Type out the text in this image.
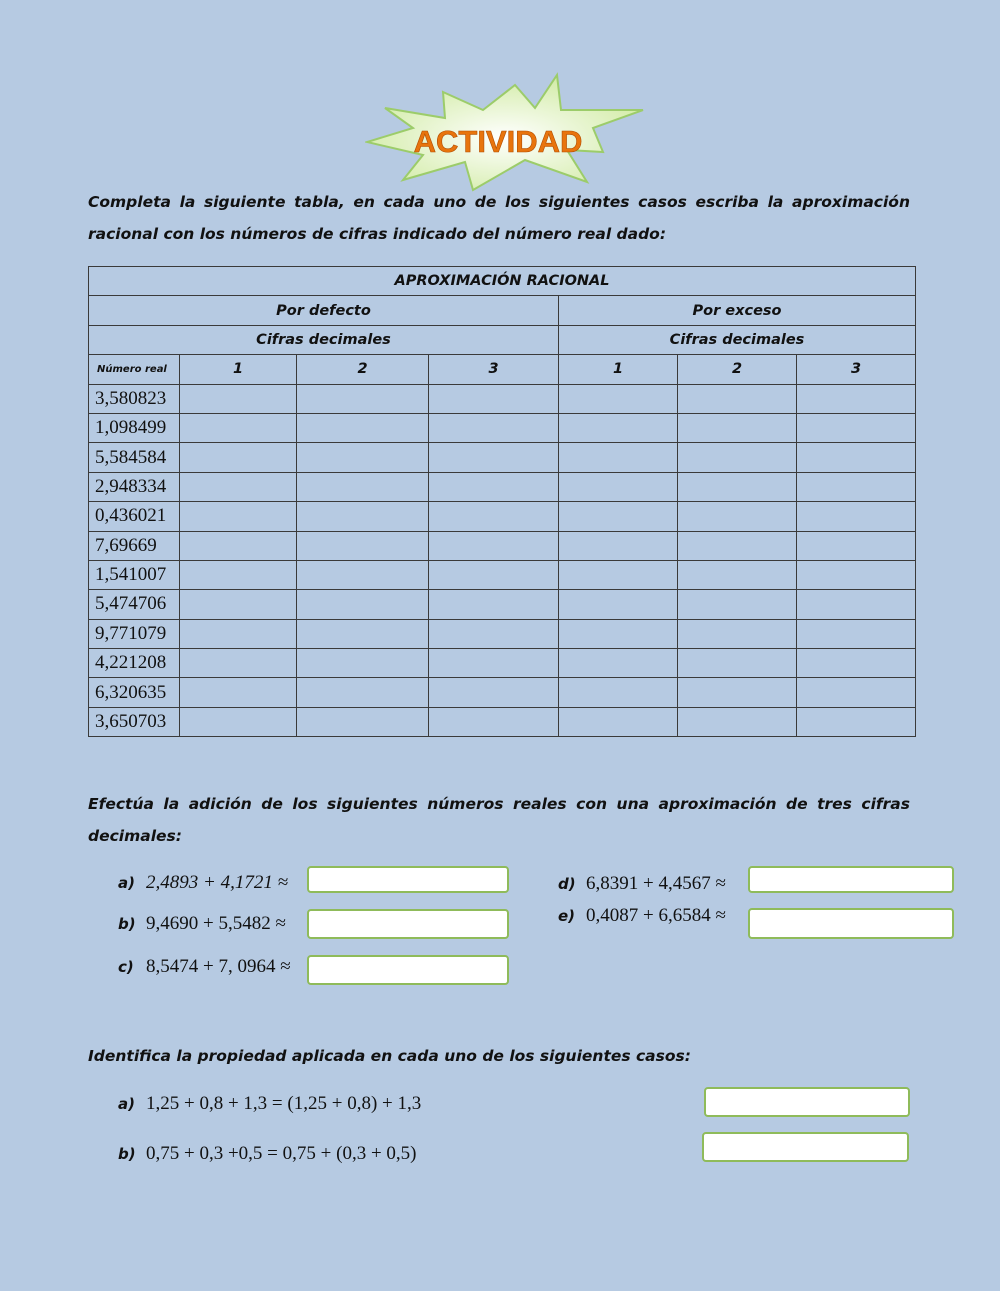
ACTIVIDAD
Completa la siguiente tabla, en cada uno de los siguientes casos escriba la aproximación racional con los números de cifras indicado del número real dado:
APROXIMACIÓN RACIONAL						
Por defecto				Por exceso		
Cifras decimales				Cifras decimales		
Número real	1	2	3	1	2	3
3,580823						
1,098499						
5,584584						
2,948334						
0,436021						
7,69669						
1,541007						
5,474706						
9,771079						
4,221208						
6,320635						
3,650703						
Efectúa la adición de los siguientes números reales con una aproximación de tres cifras decimales:
a) 2,4893 + 4,1721 ≈
b) 9,4690 + 5,5482 ≈
c) 8,5474 + 7, 0964 ≈
d) 6,8391 + 4,4567 ≈
e) 0,4087 + 6,6584 ≈
Identifica la propiedad aplicada en cada uno de los siguientes casos:
a) 1,25 + 0,8 + 1,3 = (1,25 + 0,8) + 1,3
b) 0,75 + 0,3 +0,5 = 0,75 + (0,3 + 0,5)
